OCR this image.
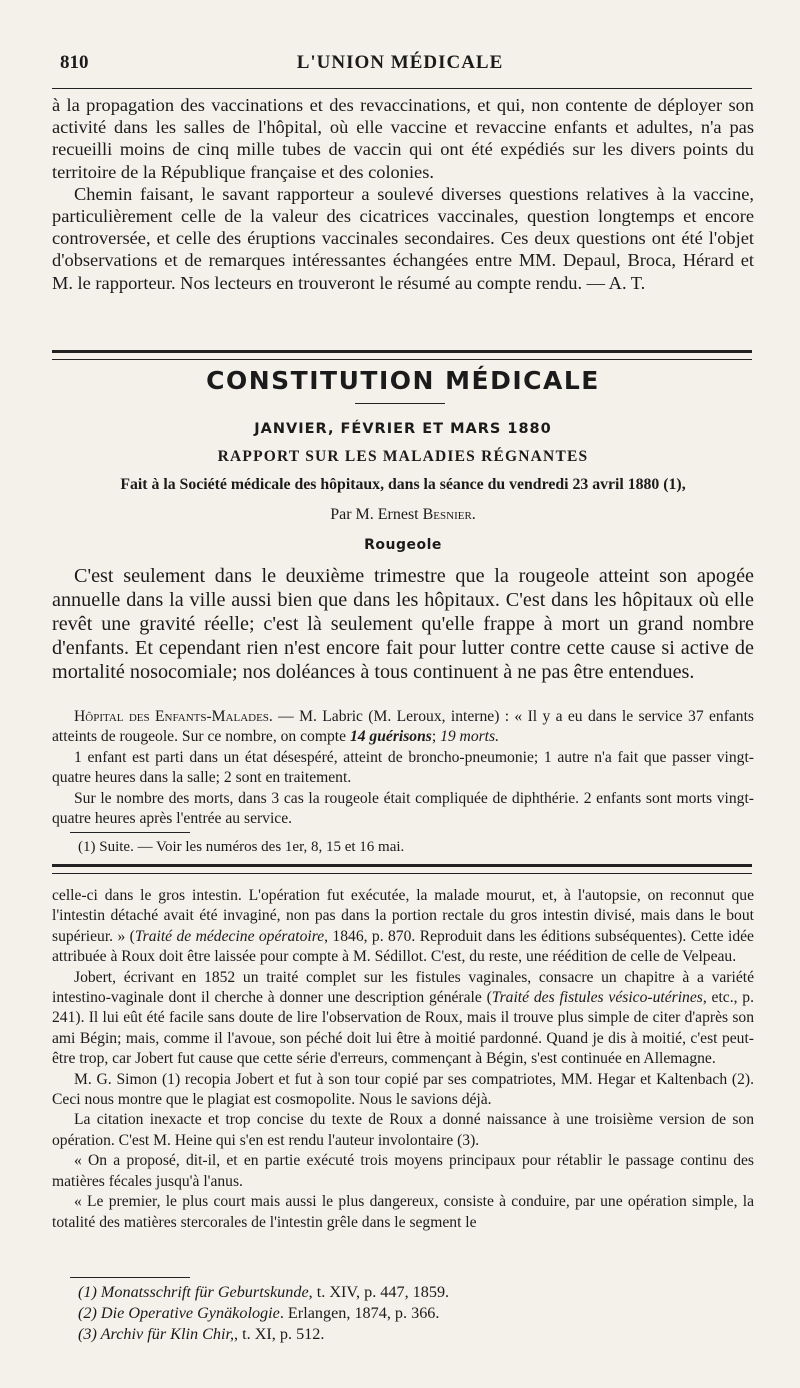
810	L'UNION MÉDICALE

à la propagation des vaccinations et des revaccinations, et qui, non contente de déployer son activité dans les salles de l'hôpital, où elle vaccine et revaccine enfants et adultes, n'a pas recueilli moins de cinq mille tubes de vaccin qui ont été expédiés sur les divers points du territoire de la République française et des colonies.

Chemin faisant, le savant rapporteur a soulevé diverses questions relatives à la vaccine, particulièrement celle de la valeur des cicatrices vaccinales, question longtemps et encore controversée, et celle des éruptions vaccinales secondaires. Ces deux questions ont été l'objet d'observations et de remarques intéressantes échangées entre MM. Depaul, Broca, Hérard et M. le rapporteur. Nos lecteurs en trouveront le résumé au compte rendu. — A. T.

CONSTITUTION MÉDICALE
JANVIER, FÉVRIER ET MARS 1880
RAPPORT SUR LES MALADIES RÉGNANTES
Fait à la Société médicale des hôpitaux, dans la séance du vendredi 23 avril 1880 (1),
Par M. Ernest Besnier.
Rougeole
C'est seulement dans le deuxième trimestre que la rougeole atteint son apogée annuelle dans la ville aussi bien que dans les hôpitaux. C'est dans les hôpitaux où elle revêt une gravité réelle; c'est là seulement qu'elle frappe à mort un grand nombre d'enfants. Et cependant rien n'est encore fait pour lutter contre cette cause si active de mortalité nosocomiale; nos doléances à tous continuent à ne pas être entendues.

Hôpital des Enfants-Malades. — M. Labric (M. Leroux, interne) : « Il y a eu dans le service 37 enfants atteints de rougeole. Sur ce nombre, on compte 14 guérisons; 19 morts.

1 enfant est parti dans un état désespéré, atteint de broncho-pneumonie; 1 autre n'a fait que passer vingt-quatre heures dans la salle; 2 sont en traitement.

Sur le nombre des morts, dans 3 cas la rougeole était compliquée de diphthérie. 2 enfants sont morts vingt-quatre heures après l'entrée au service.

(1) Suite. — Voir les numéros des 1er, 8, 15 et 16 mai.

celle-ci dans le gros intestin. L'opération fut exécutée, la malade mourut, et, à l'autopsie, on reconnut que l'intestin détaché avait été invaginé, non pas dans la portion rectale du gros intestin divisé, mais dans le bout supérieur. » (Traité de médecine opératoire, 1846, p. 870. Reproduit dans les éditions subséquentes). Cette idée attribuée à Roux doit être laissée pour compte à M. Sédillot. C'est, du reste, une réédition de celle de Velpeau.

Jobert, écrivant en 1852 un traité complet sur les fistules vaginales, consacre un chapitre à a variété intestino-vaginale dont il cherche à donner une description générale (Traité des fistules vésico-utérines, etc., p. 241). Il lui eût été facile sans doute de lire l'observation de Roux, mais il trouve plus simple de citer d'après son ami Bégin; mais, comme il l'avoue, son péché doit lui être à moitié pardonné. Quand je dis à moitié, c'est peut-être trop, car Jobert fut cause que cette série d'erreurs, commençant à Bégin, s'est continuée en Allemagne.

M. G. Simon (1) recopia Jobert et fut à son tour copié par ses compatriotes, MM. Hegar et Kaltenbach (2). Ceci nous montre que le plagiat est cosmopolite. Nous le savions déjà.

La citation inexacte et trop concise du texte de Roux a donné naissance à une troisième version de son opération. C'est M. Heine qui s'en est rendu l'auteur involontaire (3).

« On a proposé, dit-il, et en partie exécuté trois moyens principaux pour rétablir le passage continu des matières fécales jusqu'à l'anus.

« Le premier, le plus court mais aussi le plus dangereux, consiste à conduire, par une opération simple, la totalité des matières stercorales de l'intestin grêle dans le segment le

(1) Monatsschrift für Geburtskunde, t. XIV, p. 447, 1859.
(2) Die Operative Gynäkologie. Erlangen, 1874, p. 366.
(3) Archiv für Klin Chir,, t. XI, p. 512.
